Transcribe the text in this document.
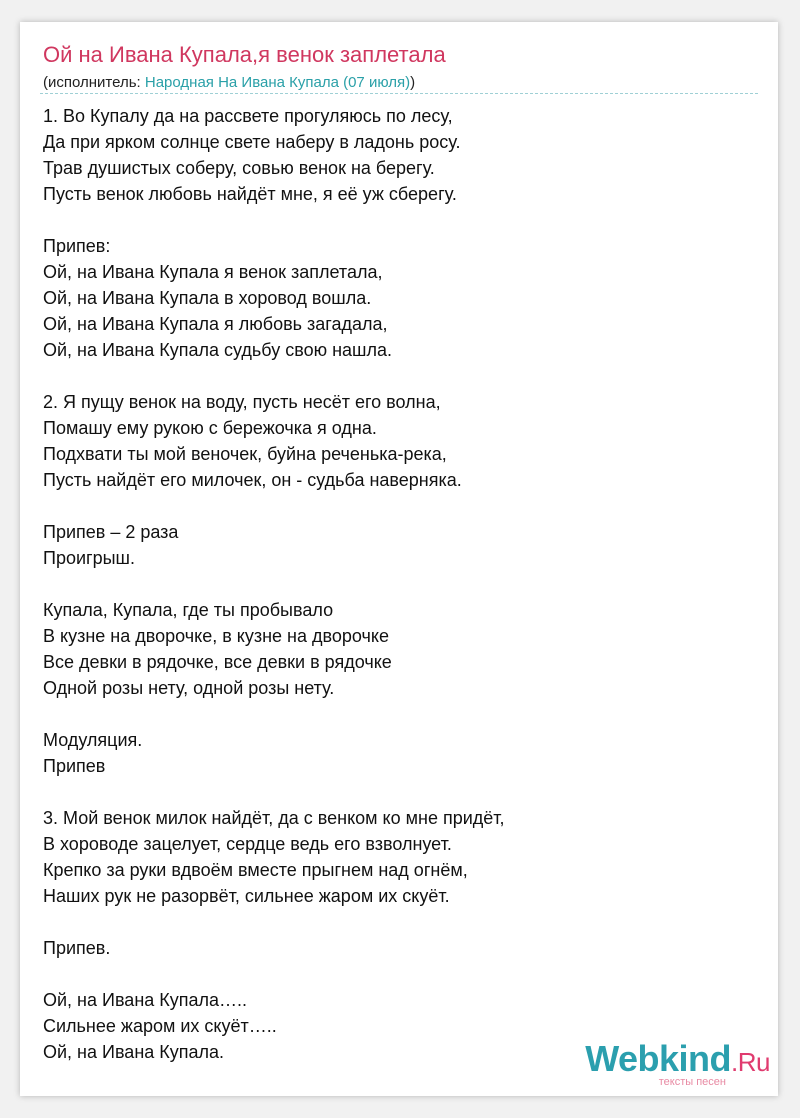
Ой на Ивана Купала,я венок заплетала
(исполнитель: Народная На Ивана Купала (07 июля))
1. Во Купалу да на рассвете прогуляюсь по лесу,
Да при ярком солнце свете наберу в ладонь росу.
Трав душистых соберу, совью венок на берегу.
Пусть венок любовь найдёт мне, я её уж сберегу.
Припев:
Ой, на Ивана Купала я венок заплетала,
Ой, на Ивана Купала в хоровод вошла.
Ой, на Ивана Купала я любовь загадала,
Ой, на Ивана Купала судьбу свою нашла.
2. Я пущу венок на воду, пусть несёт его волна,
Помашу ему рукою с бережочка я одна.
Подхвати ты мой веночек, буйна реченька-река,
Пусть найдёт его милочек, он - судьба наверняка.
Припев – 2 раза
Проигрыш.
Купала, Купала, где ты пробывало
В кузне на дворочке, в кузне на дворочке
Все девки в рядочке, все девки в рядочке
Одной розы нету, одной розы нету.
Модуляция.
Припев
3. Мой венок милок найдёт, да с венком ко мне придёт,
В хороводе зацелует, сердце ведь его взволнует.
Крепко за руки вдвоём вместе прыгнем над огнём,
Наших рук не разорвёт, сильнее жаром их скуёт.
Припев.
Ой, на Ивана Купала…..
Сильнее жаром их скуёт…..
Ой, на Ивана Купала.	Webkind.Ru
тексты песен
